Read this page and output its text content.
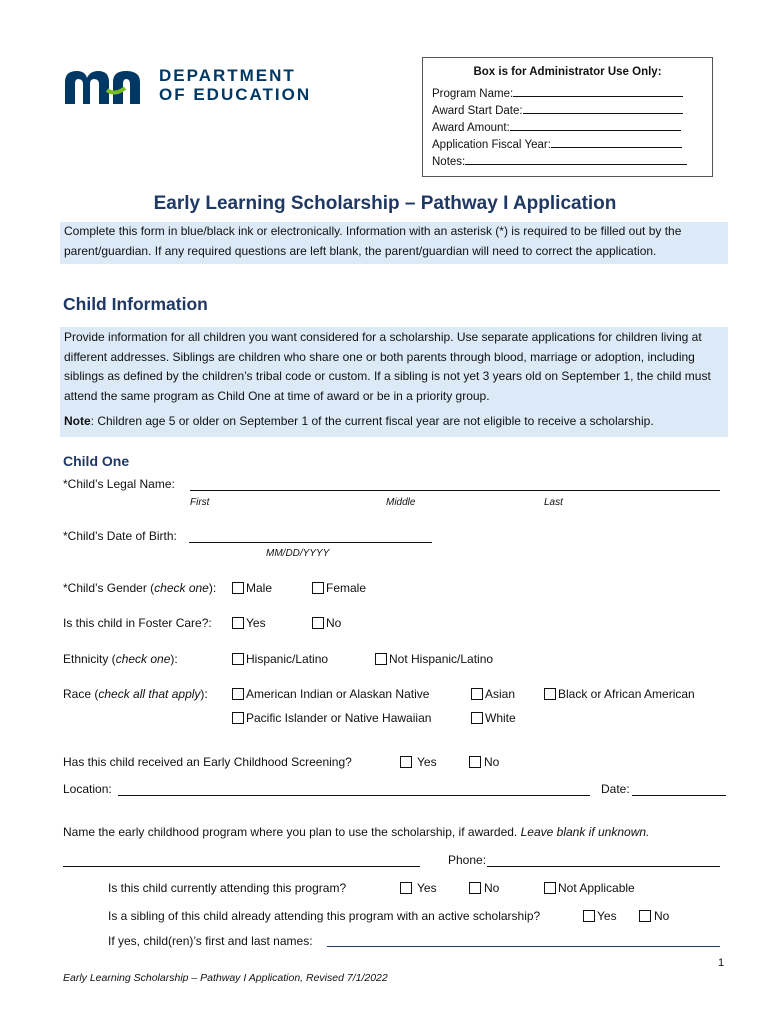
DEPARTMENT
OF EDUCATION
Box is for Administrator Use Only:
Program Name:
Award Start Date:
Award Amount:
Application Fiscal Year:
Notes:
Early Learning Scholarship – Pathway I Application
Complete this form in blue/black ink or electronically. Information with an asterisk (*) is required to be filled out by the parent/guardian. If any required questions are left blank, the parent/guardian will need to correct the application.
Child Information
Provide information for all children you want considered for a scholarship. Use separate applications for children living at different addresses. Siblings are children who share one or both parents through blood, marriage or adoption, including siblings as defined by the children’s tribal code or custom. If a sibling is not yet 3 years old on September 1, the child must attend the same program as Child One at time of award or be in a priority group.
Note: Children age 5 or older on September 1 of the current fiscal year are not eligible to receive a scholarship.
Child One
*Child’s Legal Name:
First	Middle	Last
*Child’s Date of Birth:
MM/DD/YYYY
*Child’s Gender (check one): Male	Female
Is this child in Foster Care?:	Yes	No
Ethnicity (check one):	Hispanic/Latino	Not Hispanic/Latino
Race (check all that apply):	American Indian or Alaskan Native	Asian	Black or African American
Pacific Islander or Native Hawaiian	White
Has this child received an Early Childhood Screening?	Yes	No
Location:	Date:
Name the early childhood program where you plan to use the scholarship, if awarded. Leave blank if unknown.
Phone:
Is this child currently attending this program?	Yes	No	Not Applicable
Is a sibling of this child already attending this program with an active scholarship?	Yes	No
If yes, child(ren)’s first and last names:
1
Early Learning Scholarship – Pathway I Application, Revised 7/1/2022
